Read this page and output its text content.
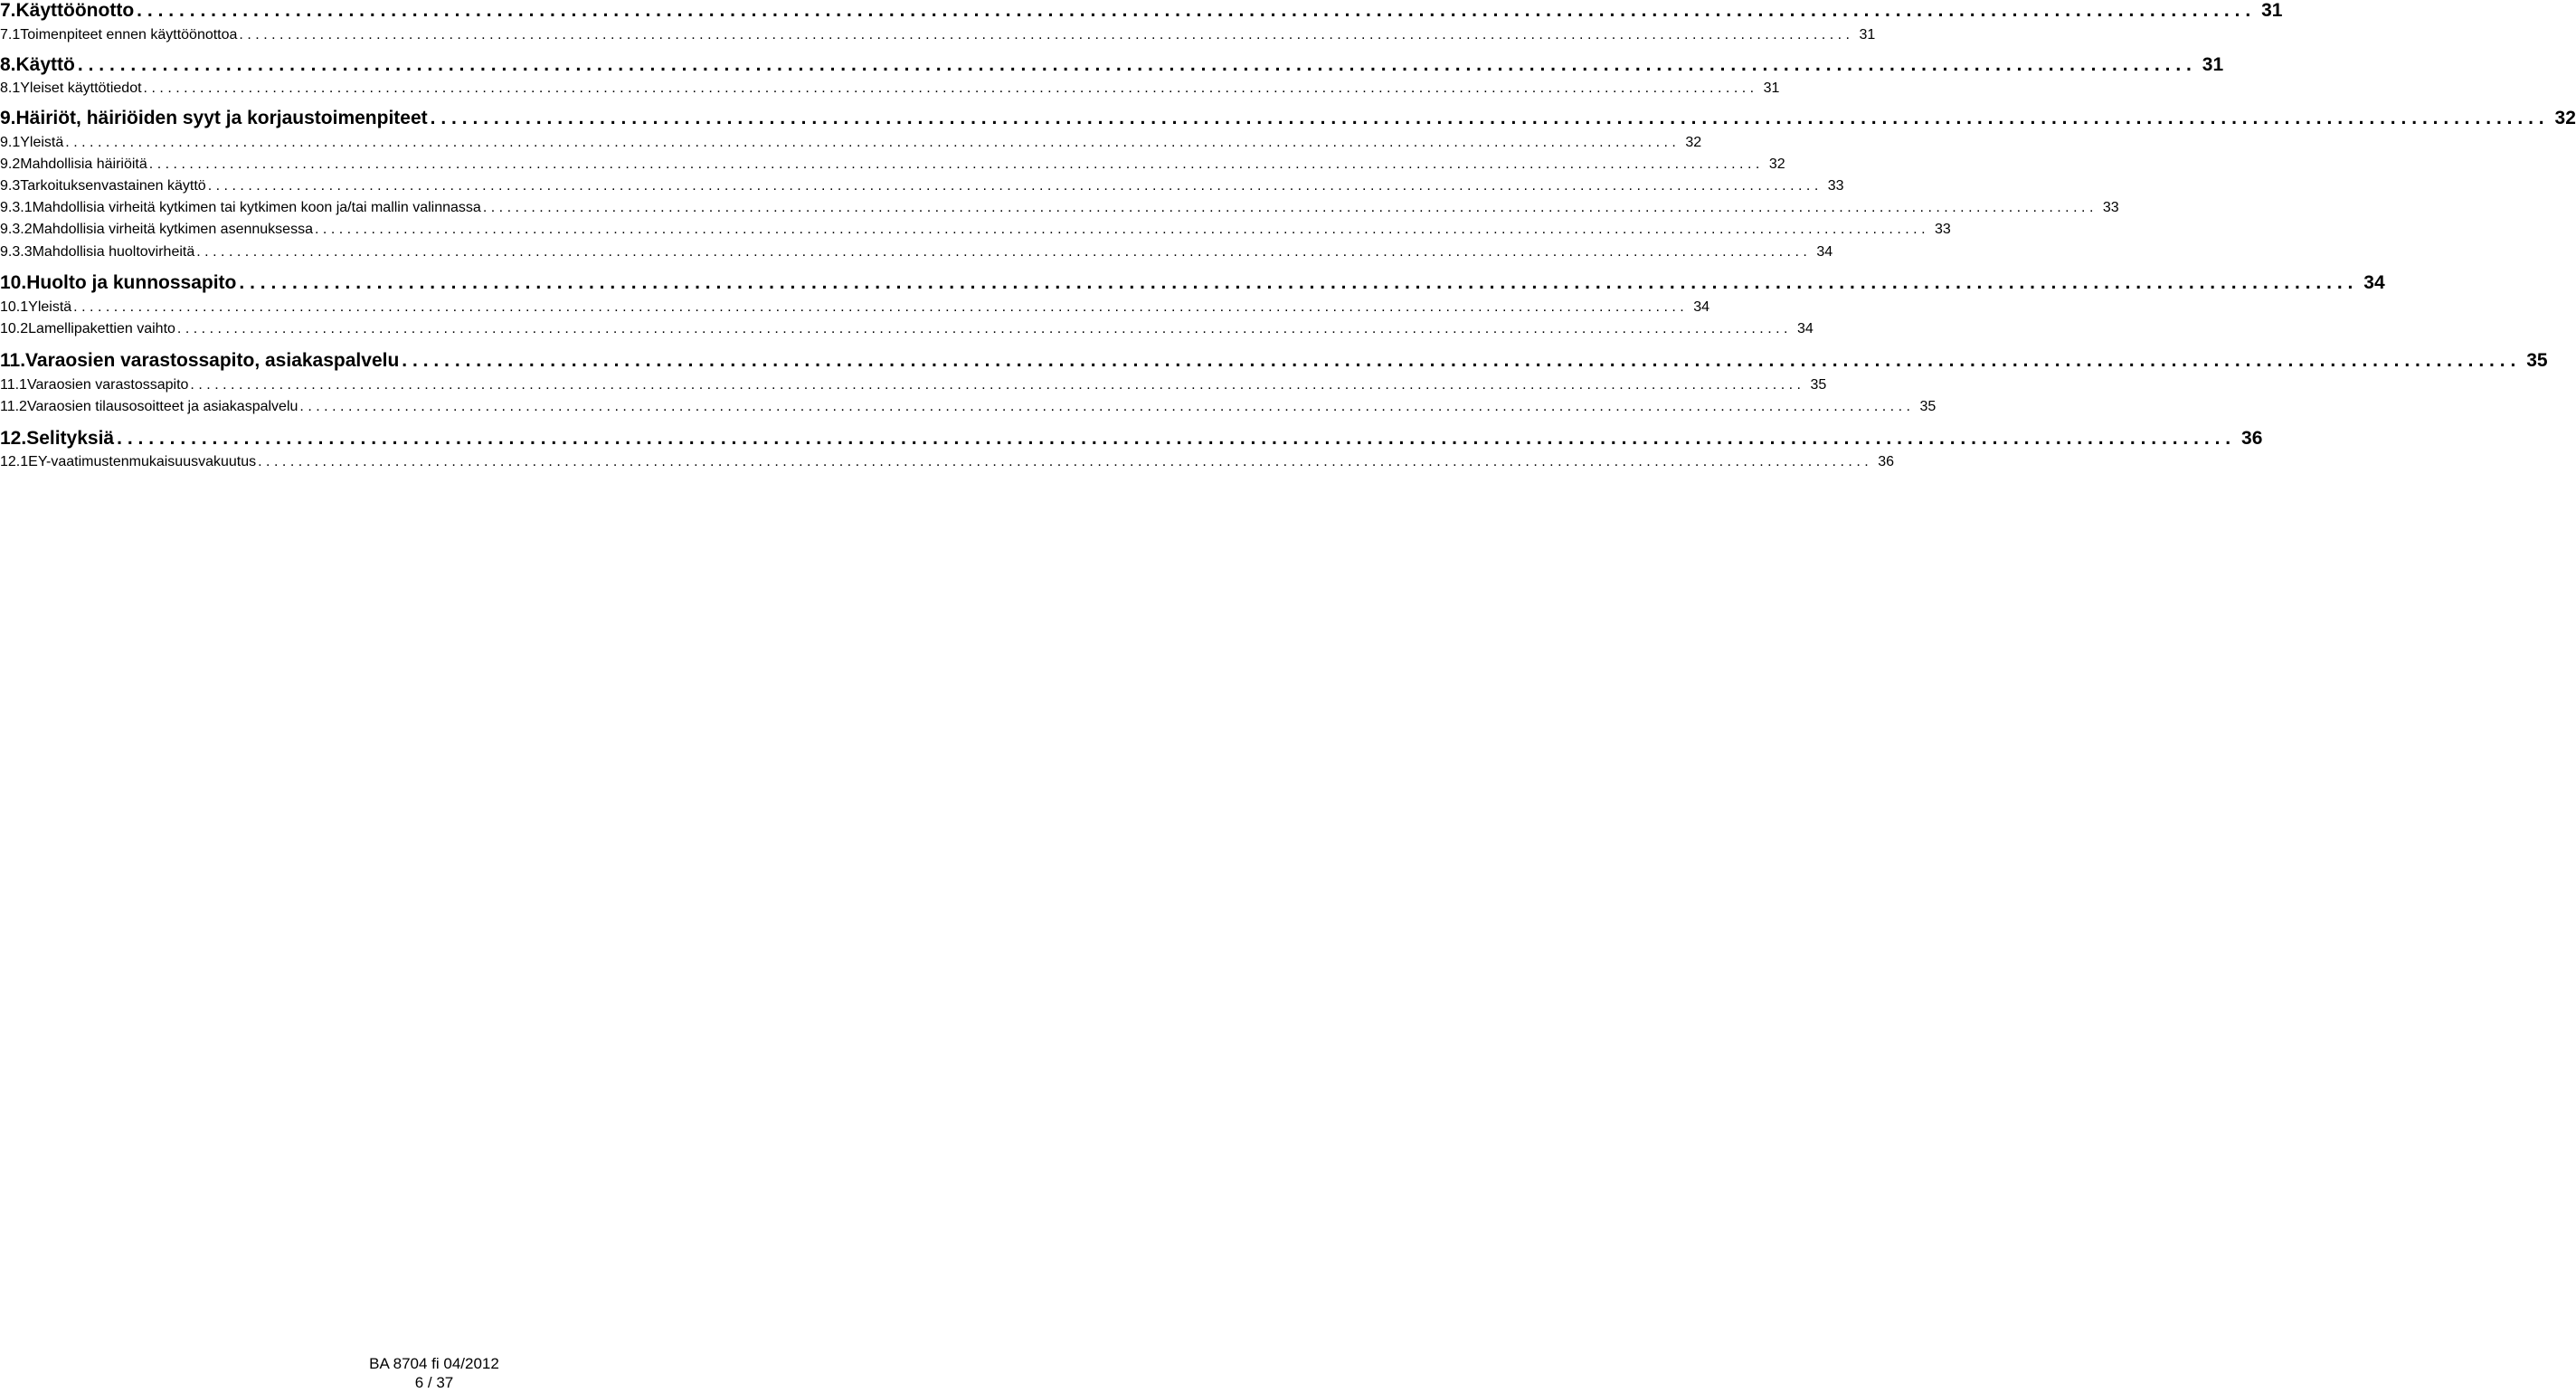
7. Käyttöönotto ........................................................................................................................................................................................................ 31
7.1 Toimenpiteet ennen käyttöönottoa ........................................................................................................................................................................................................ 31
8. Käyttö ........................................................................................................................................................................................................ 31
8.1 Yleiset käyttötiedot ........................................................................................................................................................................................................ 31
9. Häiriöt, häiriöiden syyt ja korjaustoimenpiteet ........................................................................................................................................................................................................ 32
9.1 Yleistä ........................................................................................................................................................................................................ 32
9.2 Mahdollisia häiriöitä ........................................................................................................................................................................................................ 32
9.3 Tarkoituksenvastainen käyttö ........................................................................................................................................................................................................ 33
9.3.1 Mahdollisia virheitä kytkimen tai kytkimen koon ja/tai mallin valinnassa ........................................................................................................................................................................................................ 33
9.3.2 Mahdollisia virheitä kytkimen asennuksessa ........................................................................................................................................................................................................ 33
9.3.3 Mahdollisia huoltovirheitä ........................................................................................................................................................................................................ 34
10. Huolto ja kunnossapito ........................................................................................................................................................................................................ 34
10.1 Yleistä ........................................................................................................................................................................................................ 34
10.2 Lamellipakettien vaihto ........................................................................................................................................................................................................ 34
11. Varaosien varastossapito, asiakaspalvelu ........................................................................................................................................................................................................ 35
11.1 Varaosien varastossapito ........................................................................................................................................................................................................ 35
11.2 Varaosien tilausosoitteet ja asiakaspalvelu ........................................................................................................................................................................................................ 35
12. Selityksiä ........................................................................................................................................................................................................ 36
12.1 EY-vaatimustenmukaisuusvakuutus ........................................................................................................................................................................................................ 36
BA 8704 fi 04/2012
6 / 37
